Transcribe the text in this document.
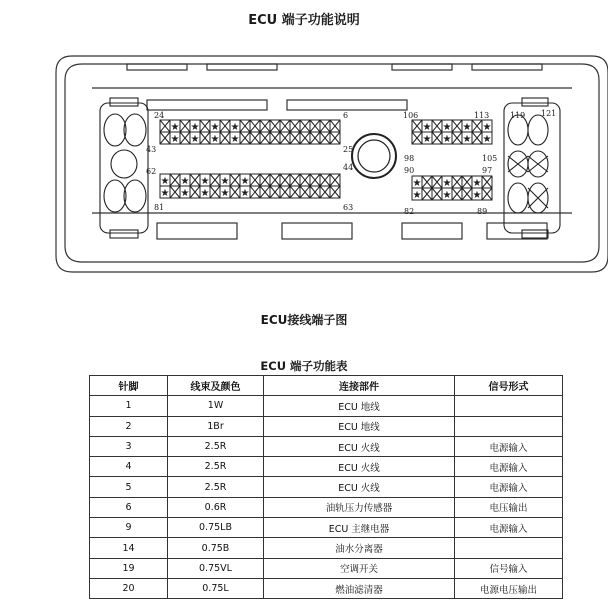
ECU 端子功能说明
★ ★ ★ ★
★ ★ ★ ★
★ ★ ★ ★ ★
★ ★ ★ ★ ★
★ ★ ★ ★
★ ★ ★ ★
★ ★ ★
★ ★ ★
24	6
43	25
44
62
63
81
106	113	119 121
98	105
90	97
82	89
ECU接线端子图
ECU 端子功能表
针脚	线束及颜色	连接部件	信号形式
1	1W	ECU 地线	
2	1Br	ECU 地线	
3	2.5R	ECU 火线	电源输入
4	2.5R	ECU 火线	电源输入
5	2.5R	ECU 火线	电源输入
6	0.6R	油轨压力传感器	电压输出
9	0.75LB	ECU 主继电器	电源输入
14	0.75B	油水分离器	
19	0.75VL	空调开关	信号输入
20	0.75L	燃油滤清器	电源电压输出
